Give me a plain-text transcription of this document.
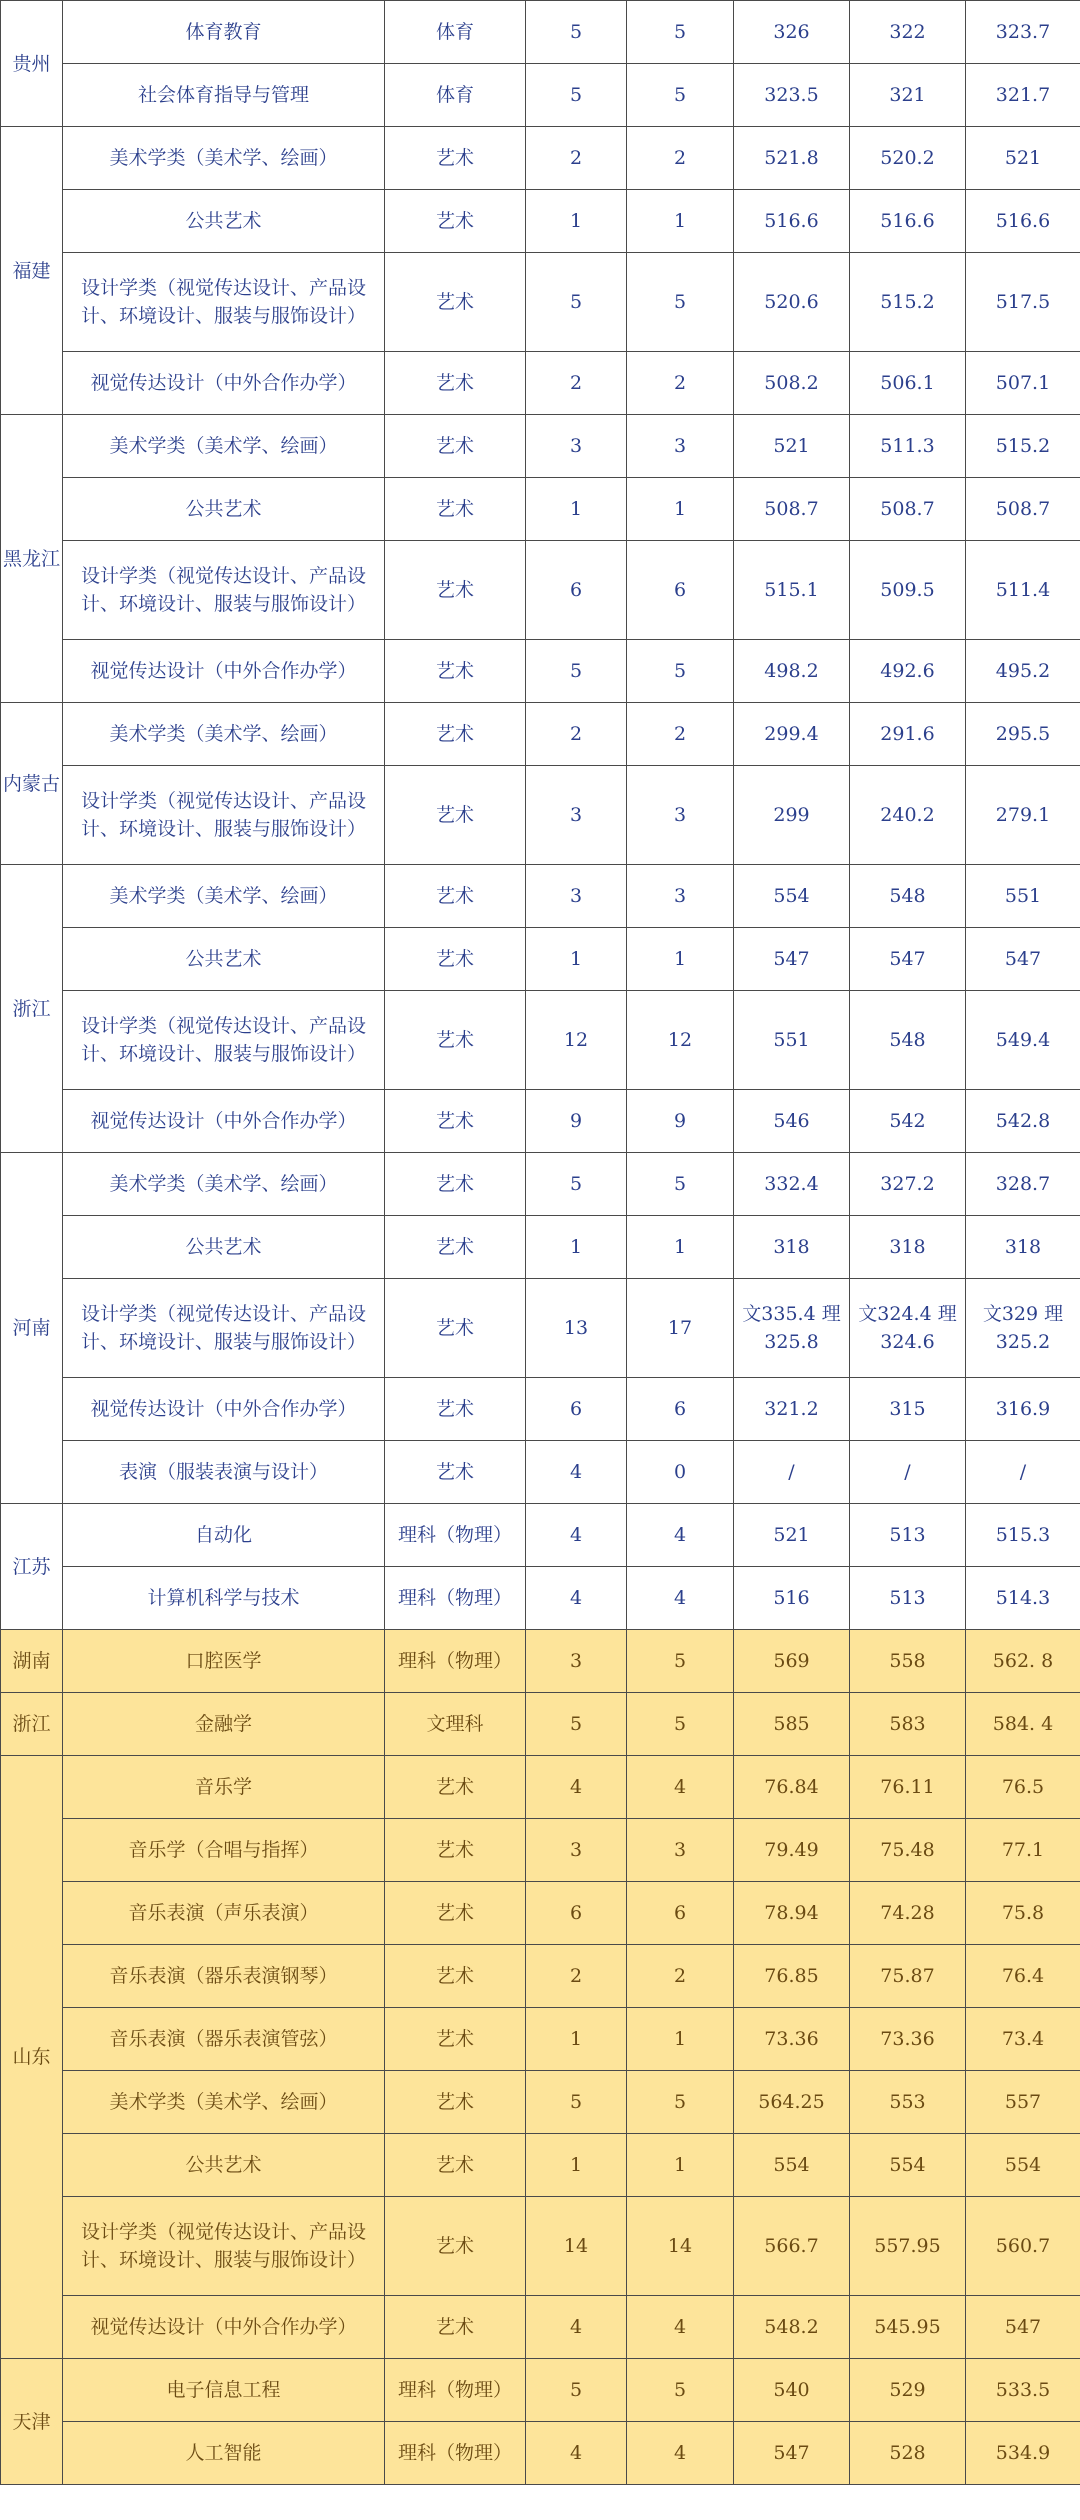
贵州	体育教育	体育	5	5	326	322	323.7
	社会体育指导与管理	体育	5	5	323.5	321	321.7
福建	美术学类（美术学、绘画）	艺术	2	2	521.8	520.2	521
	公共艺术	艺术	1	1	516.6	516.6	516.6
	设计学类（视觉传达设计、产品设计、环境设计、服装与服饰设计）	艺术	5	5	520.6	515.2	517.5
	视觉传达设计（中外合作办学）	艺术	2	2	508.2	506.1	507.1
黑龙江	美术学类（美术学、绘画）	艺术	3	3	521	511.3	515.2
	公共艺术	艺术	1	1	508.7	508.7	508.7
	设计学类（视觉传达设计、产品设计、环境设计、服装与服饰设计）	艺术	6	6	515.1	509.5	511.4
	视觉传达设计（中外合作办学）	艺术	5	5	498.2	492.6	495.2
内蒙古	美术学类（美术学、绘画）	艺术	2	2	299.4	291.6	295.5
	设计学类（视觉传达设计、产品设计、环境设计、服装与服饰设计）	艺术	3	3	299	240.2	279.1
浙江	美术学类（美术学、绘画）	艺术	3	3	554	548	551
	公共艺术	艺术	1	1	547	547	547
	设计学类（视觉传达设计、产品设计、环境设计、服装与服饰设计）	艺术	12	12	551	548	549.4
	视觉传达设计（中外合作办学）	艺术	9	9	546	542	542.8
河南	美术学类（美术学、绘画）	艺术	5	5	332.4	327.2	328.7
	公共艺术	艺术	1	1	318	318	318
	设计学类（视觉传达设计、产品设计、环境设计、服装与服饰设计）	艺术	13	17	文335.4 理325.8	文324.4 理324.6	文329 理325.2
	视觉传达设计（中外合作办学）	艺术	6	6	321.2	315	316.9
	表演（服装表演与设计）	艺术	4	0	/	/	/
江苏	自动化	理科（物理）	4	4	521	513	515.3
	计算机科学与技术	理科（物理）	4	4	516	513	514.3
湖南	口腔医学	理科（物理）	3	5	569	558	562. 8
浙江	金融学	文理科	5	5	585	583	584. 4
山东	音乐学	艺术	4	4	76.84	76.11	76.5
	音乐学（合唱与指挥）	艺术	3	3	79.49	75.48	77.1
	音乐表演（声乐表演）	艺术	6	6	78.94	74.28	75.8
	音乐表演（器乐表演钢琴）	艺术	2	2	76.85	75.87	76.4
	音乐表演（器乐表演管弦）	艺术	1	1	73.36	73.36	73.4
	美术学类（美术学、绘画）	艺术	5	5	564.25	553	557
	公共艺术	艺术	1	1	554	554	554
	设计学类（视觉传达设计、产品设计、环境设计、服装与服饰设计）	艺术	14	14	566.7	557.95	560.7
	视觉传达设计（中外合作办学）	艺术	4	4	548.2	545.95	547
天津	电子信息工程	理科（物理）	5	5	540	529	533.5
	人工智能	理科（物理）	4	4	547	528	534.9
